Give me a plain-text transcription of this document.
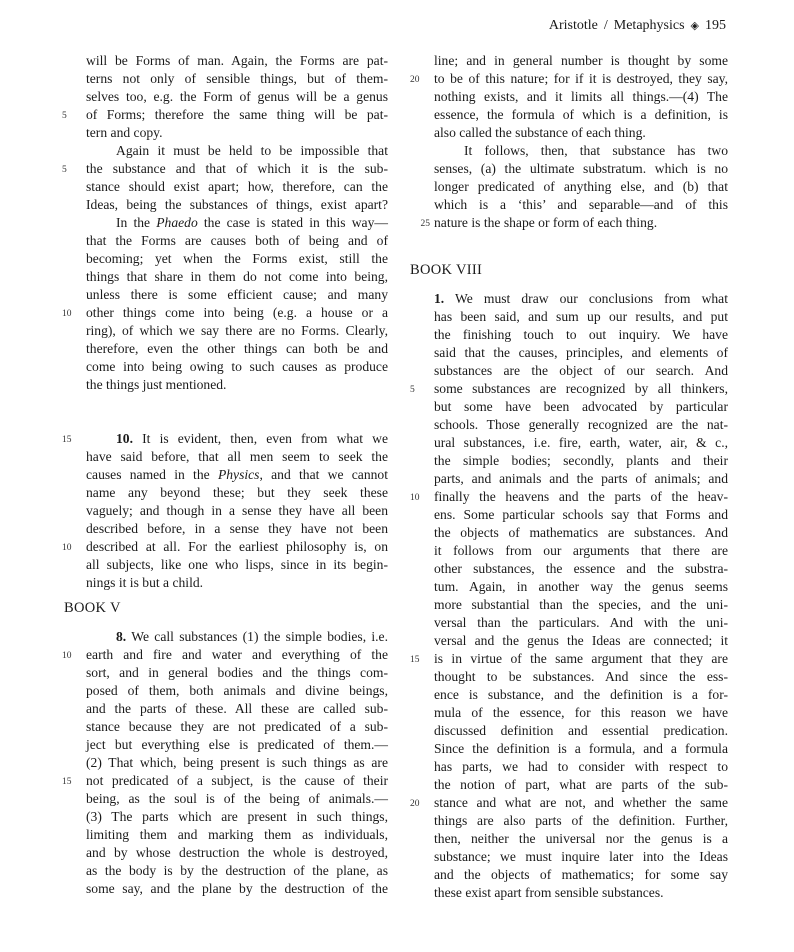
Aristotle / Metaphysics ◈ 195
will be Forms of man. Again, the Forms are pat-
terns not only of sensible things, but of them-
selves too, e.g. the Form of genus will be a genus
5	of Forms; therefore the same thing will be pat-
tern and copy.
Again it must be held to be impossible that
5	the substance and that of which it is the sub-
stance should exist apart; how, therefore, can the
Ideas, being the substances of things, exist apart?
In the Phaedo the case is stated in this way—
that the Forms are causes both of being and of
becoming; yet when the Forms exist, still the
things that share in them do not come into being,
unless there is some efficient cause; and many
10	other things come into being (e.g. a house or a
ring), of which we say there are no Forms. Clearly,
therefore, even the other things can both be and
come into being owing to such causes as produce
the things just mentioned.
15	10. It is evident, then, even from what we
have said before, that all men seem to seek the
causes named in the Physics, and that we cannot
name any beyond these; but they seek these
vaguely; and though in a sense they have all been
described before, in a sense they have not been
10	described at all. For the earliest philosophy is, on
all subjects, like one who lisps, since in its begin-
nings it is but a child.
BOOK V
8. We call substances (1) the simple bodies, i.e.
10	earth and fire and water and everything of the
sort, and in general bodies and the things com-
posed of them, both animals and divine beings,
and the parts of these. All these are called sub-
stance because they are not predicated of a sub-
ject but everything else is predicated of them.—
(2) That which, being present is such things as are
15	not predicated of a subject, is the cause of their
being, as the soul is of the being of animals.—
(3) The parts which are present in such things,
limiting them and marking them as individuals,
and by whose destruction the whole is destroyed,
as the body is by the destruction of the plane, as
some say, and the plane by the destruction of the
line; and in general number is thought by some
20	to be of this nature; for if it is destroyed, they say,
nothing exists, and it limits all things.—(4) The
essence, the formula of which is a definition, is
also called the substance of each thing.
It follows, then, that substance has two
senses, (a) the ultimate substratum. which is no
longer predicated of anything else, and (b) that
which is a ‘this’ and separable—and of this
25 nature is the shape or form of each thing.
BOOK VIII
1. We must draw our conclusions from what
has been said, and sum up our results, and put
the finishing touch to out inquiry. We have
said that the causes, principles, and elements of
substances are the object of our search. And
5	some substances are recognized by all thinkers,
but some have been advocated by particular
schools. Those generally recognized are the nat-
ural substances, i.e. fire, earth, water, air, & c.,
the simple bodies; secondly, plants and their
parts, and animals and the parts of animals; and
10	finally the heavens and the parts of the heav-
ens. Some particular schools say that Forms and
the objects of mathematics are substances. And
it follows from our arguments that there are
other substances, the essence and the substra-
tum. Again, in another way the genus seems
more substantial than the species, and the uni-
versal than the particulars. And with the uni-
versal and the genus the Ideas are connected; it
15	is in virtue of the same argument that they are
thought to be substances. And since the ess-
ence is substance, and the definition is a for-
mula of the essence, for this reason we have
discussed definition and essential predication.
Since the definition is a formula, and a formula
has parts, we had to consider with respect to
the notion of part, what are parts of the sub-
20	stance and what are not, and whether the same
things are also parts of the definition. Further,
then, neither the universal nor the genus is a
substance; we must inquire later into the Ideas
and the objects of mathematics; for some say
these exist apart from sensible substances.
